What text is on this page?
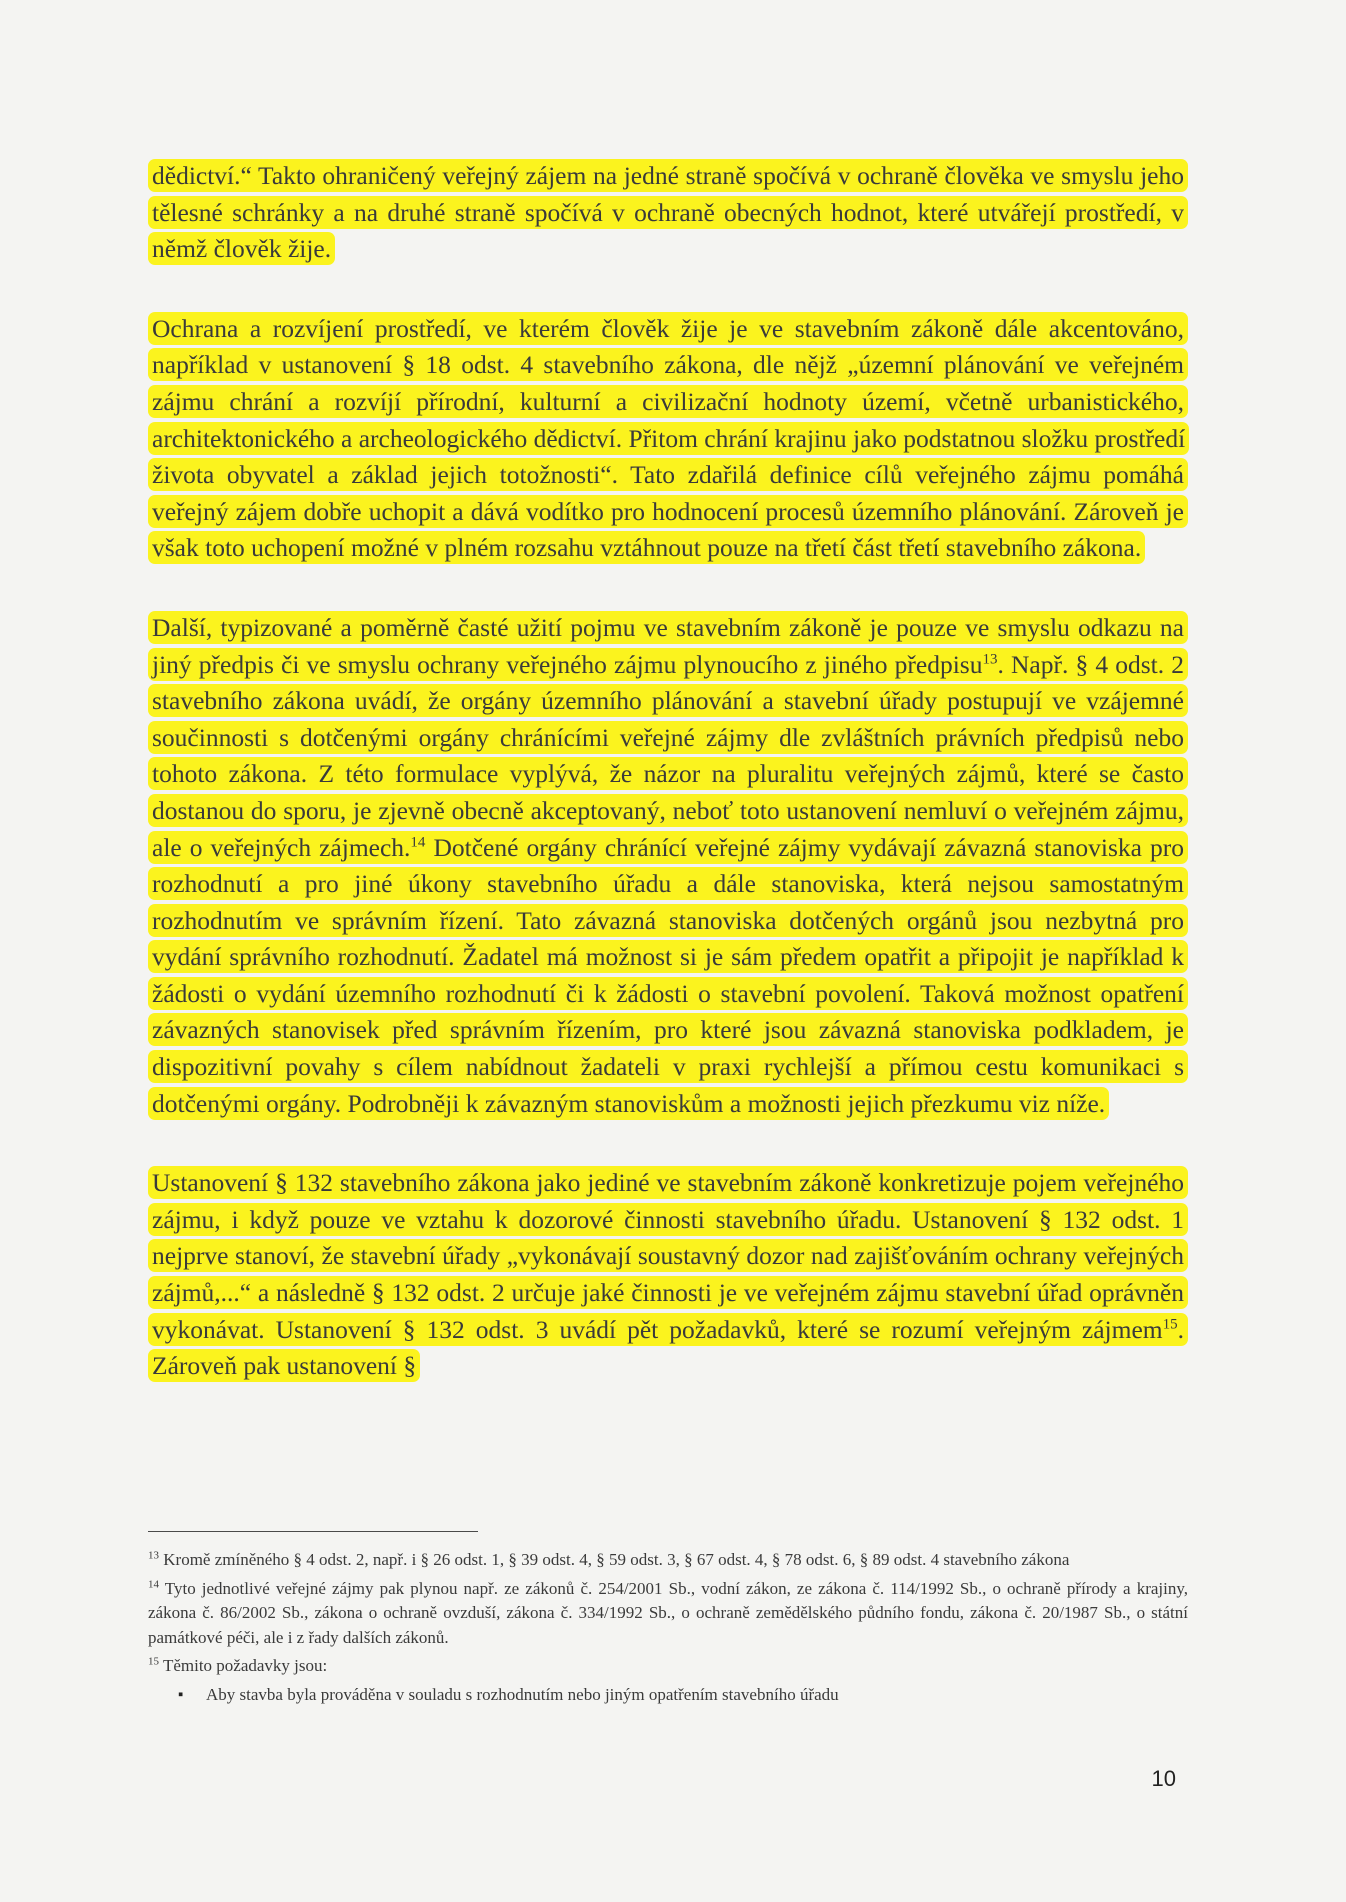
dědictví.“ Takto ohraničený veřejný zájem na jedné straně spočívá v ochraně člověka ve smyslu jeho tělesné schránky a na druhé straně spočívá v ochraně obecných hodnot, které utvářejí prostředí, v němž člověk žije.

Ochrana a rozvíjení prostředí, ve kterém člověk žije je ve stavebním zákoně dále akcentováno, například v ustanovení § 18 odst. 4 stavebního zákona, dle nějž „územní plánování ve veřejném zájmu chrání a rozvíjí přírodní, kulturní a civilizační hodnoty území, včetně urbanistického, architektonického a archeologického dědictví. Přitom chrání krajinu jako podstatnou složku prostředí života obyvatel a základ jejich totožnosti“. Tato zdařilá definice cílů veřejného zájmu pomáhá veřejný zájem dobře uchopit a dává vodítko pro hodnocení procesů územního plánování. Zároveň je však toto uchopení možné v plném rozsahu vztáhnout pouze na třetí část třetí stavebního zákona.

Další, typizované a poměrně časté užití pojmu ve stavebním zákoně je pouze ve smyslu odkazu na jiný předpis či ve smyslu ochrany veřejného zájmu plynoucího z jiného předpisu$^{13}$. Např. § 4 odst. 2 stavebního zákona uvádí, že orgány územního plánování a stavební úřady postupují ve vzájemné součinnosti s dotčenými orgány chránícími veřejné zájmy dle zvláštních právních předpisů nebo tohoto zákona. Z této formulace vyplývá, že názor na pluralitu veřejných zájmů, které se často dostanou do sporu, je zjevně obecně akceptovaný, neboť toto ustanovení nemluví o veřejném zájmu, ale o veřejných zájmech.$^{14}$ Dotčené orgány chránící veřejné zájmy vydávají závazná stanoviska pro rozhodnutí a pro jiné úkony stavebního úřadu a dále stanoviska, která nejsou samostatným rozhodnutím ve správním řízení. Tato závazná stanoviska dotčených orgánů jsou nezbytná pro vydání správního rozhodnutí. Žadatel má možnost si je sám předem opatřit a připojit je například k žádosti o vydání územního rozhodnutí či k žádosti o stavební povolení. Taková možnost opatření závazných stanovisek před správním řízením, pro které jsou závazná stanoviska podkladem, je dispozitivní povahy s cílem nabídnout žadateli v praxi rychlejší a přímou cestu komunikaci s dotčenými orgány. Podrobněji k závazným stanoviskům a možnosti jejich přezkumu viz níže.

Ustanovení § 132 stavebního zákona jako jediné ve stavebním zákoně konkretizuje pojem veřejného zájmu, i když pouze ve vztahu k dozorové činnosti stavebního úřadu. Ustanovení § 132 odst. 1 nejprve stanoví, že stavební úřady „vykonávají soustavný dozor nad zajišťováním ochrany veřejných zájmů,...“ a následně § 132 odst. 2 určuje jaké činnosti je ve veřejném zájmu stavební úřad oprávněn vykonávat. Ustanovení § 132 odst. 3 uvádí pět požadavků, které se rozumí veřejným zájmem$^{15}$. Zároveň pak ustanovení §

$^{13}$ Kromě zmíněného § 4 odst. 2, např. i § 26 odst. 1, § 39 odst. 4, § 59 odst. 3, § 67 odst. 4, § 78 odst. 6, § 89 odst. 4 stavebního zákona

$^{14}$ Tyto jednotlivé veřejné zájmy pak plynou např. ze zákonů č. 254/2001 Sb., vodní zákon, ze zákona č. 114/1992 Sb., o ochraně přírody a krajiny, zákona č. 86/2002 Sb., zákona o ochraně ovzduší, zákona č. 334/1992 Sb., o ochraně zemědělského půdního fondu, zákona č. 20/1987 Sb., o státní památkové péči, ale i z řady dalších zákonů.

$^{15}$ Těmito požadavky jsou:

▪ Aby stavba byla prováděna v souladu s rozhodnutím nebo jiným opatřením stavebního úřadu
10
